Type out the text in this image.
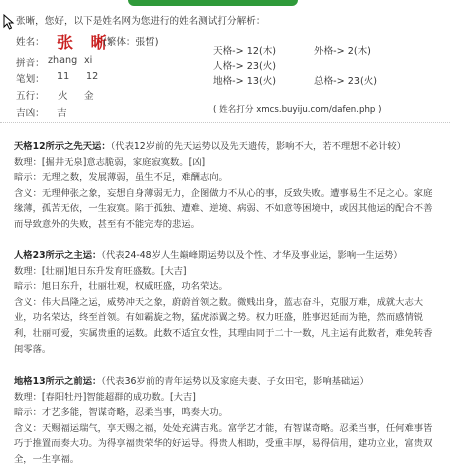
张晰，您好，以下是姓名网为您进行的姓名测试打分解析：
姓名： 张 晰
(繁体：張晳)
拼音： zhang xi
笔划： 11 12
五行： 火 金
吉凶： 吉
天格-> 12(木)	外格-> 2(木)
人格-> 23(火)
地格-> 13(火)	总格-> 23(火)
( 姓名打分 xmcs.buyiju.com/dafen.php )

天格12所示之先天运：（代表12岁前的先天运势以及先天遗传，影响不大，若不理想不必计较）

数理：[掘井无泉]意志脆弱，家庭寂寞数。[凶]

暗示：无理之数，发展薄弱，虽生不足，难酬志向。

含义：无理伸张之象，妄想自身薄弱无力，企图做力不从心的事，反致失败。遭事易生不足之心。家庭缘薄，孤苦无依，一生寂寞。陷于孤独、遭难、逆境、病弱、不如意等困境中，或因其他运的配合不善而导致意外的失败，甚至有不能完寿的悲运。

人格23所示之主运：（代表24-48岁人生巅峰期运势以及个性、才华及事业运，影响一生运势）

数理：[壮丽]旭日东升发育旺盛数。[大吉]

暗示：旭日东升，壮丽壮观，权威旺盛，功名荣达。

含义：伟大昌隆之运，威势冲天之象，蔚蔚首领之数。微贱出身，蓝志奋斗，克服万难，成就大志大业，功名荣达，终至首领。有如霸旋之物，猛虎添翼之势。权力旺盛，胜事迟延而为艳，然而感情锐利，壮丽可爱，实属贵重的运数。此数不适宜女性，其理由同于二十一数，凡主运有此数者，难免转香闺零落。

地格13所示之前运：（代表36岁前的青年运势以及家庭夫妻、子女田宅，影响基础运）

数理：[春阳牡丹]智能超群的成功数。[大吉]

暗示：才艺多能，智谋奇略，忍柔当事，鸣奏大功。

含义：天赐福运瑞气，享天赐之福，处处充满吉兆。富学艺才能，有智谋奇略。忍柔当事，任何难事皆巧于推置而奏大功。为得享福贵荣华的好运导。得贵人相助，受重丰厚，易得信用，建功立业，富贵双全，一生享福。
